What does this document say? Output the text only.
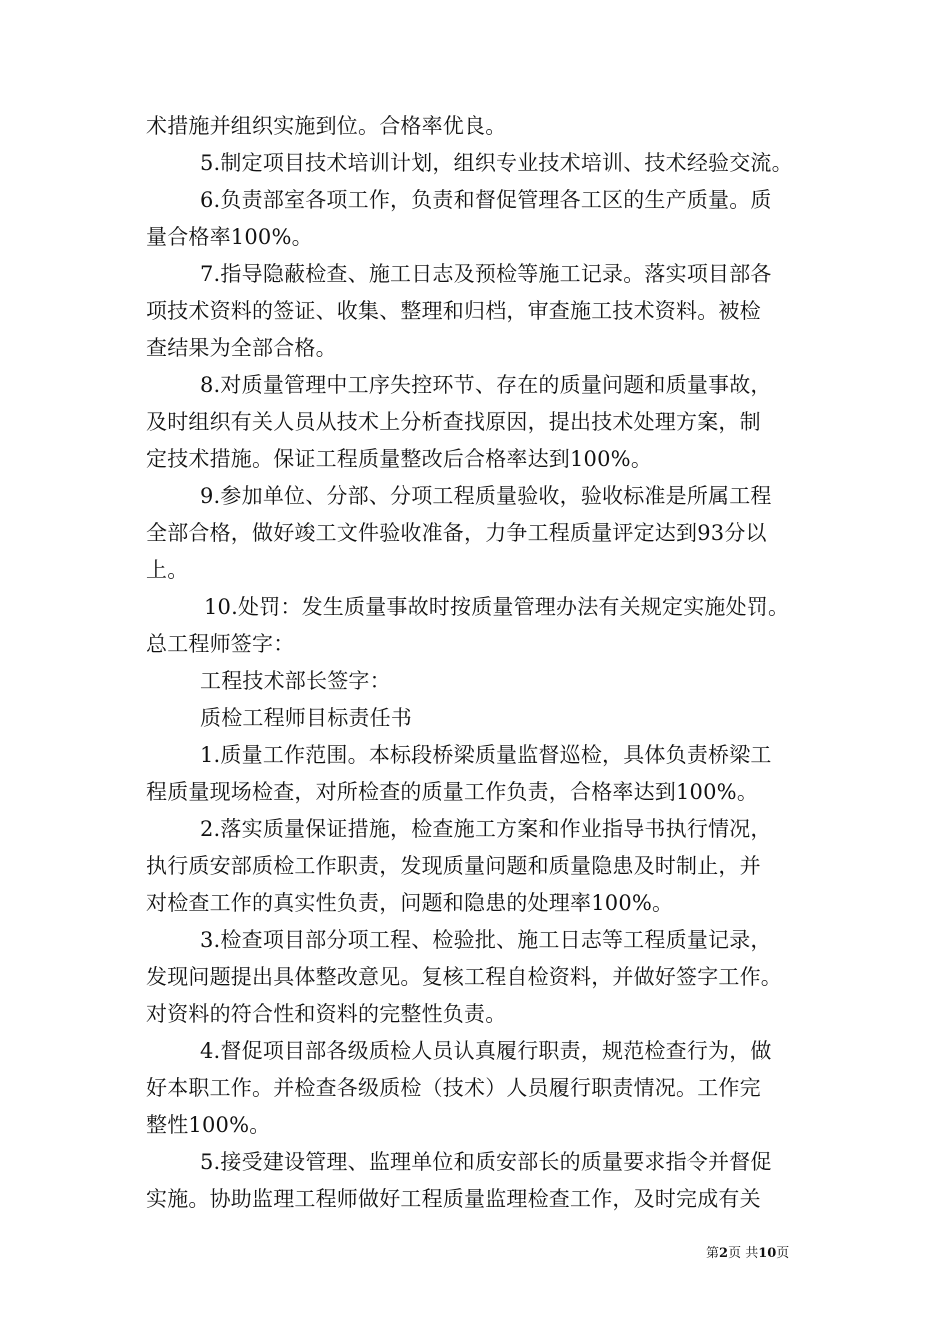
术措施并组织实施到位。合格率优良。
5.制定项目技术培训计划，组织专业技术培训、技术经验交流。
6.负责部室各项工作，负责和督促管理各工区的生产质量。质
量合格率100%。
7.指导隐蔽检查、施工日志及预检等施工记录。落实项目部各
项技术资料的签证、收集、整理和归档，审查施工技术资料。被检
查结果为全部合格。
8.对质量管理中工序失控环节、存在的质量问题和质量事故，
及时组织有关人员从技术上分析查找原因，提出技术处理方案，制
定技术措施。保证工程质量整改后合格率达到100%。
9.参加单位、分部、分项工程质量验收，验收标准是所属工程
全部合格，做好竣工文件验收准备，力争工程质量评定达到93分以
上。
10.处罚：发生质量事故时按质量管理办法有关规定实施处罚。
总工程师签字：
工程技术部长签字：
质检工程师目标责任书
1.质量工作范围。本标段桥梁质量监督巡检，具体负责桥梁工
程质量现场检查，对所检查的质量工作负责，合格率达到100%。
2.落实质量保证措施，检查施工方案和作业指导书执行情况，
执行质安部质检工作职责，发现质量问题和质量隐患及时制止，并
对检查工作的真实性负责，问题和隐患的处理率100%。
3.检查项目部分项工程、检验批、施工日志等工程质量记录，
发现问题提出具体整改意见。复核工程自检资料，并做好签字工作。
对资料的符合性和资料的完整性负责。
4.督促项目部各级质检人员认真履行职责，规范检查行为，做
好本职工作。并检查各级质检（技术）人员履行职责情况。工作完
整性100%。
5.接受建设管理、监理单位和质安部长的质量要求指令并督促
实施。协助监理工程师做好工程质量监理检查工作，及时完成有关
第2页 共10页
